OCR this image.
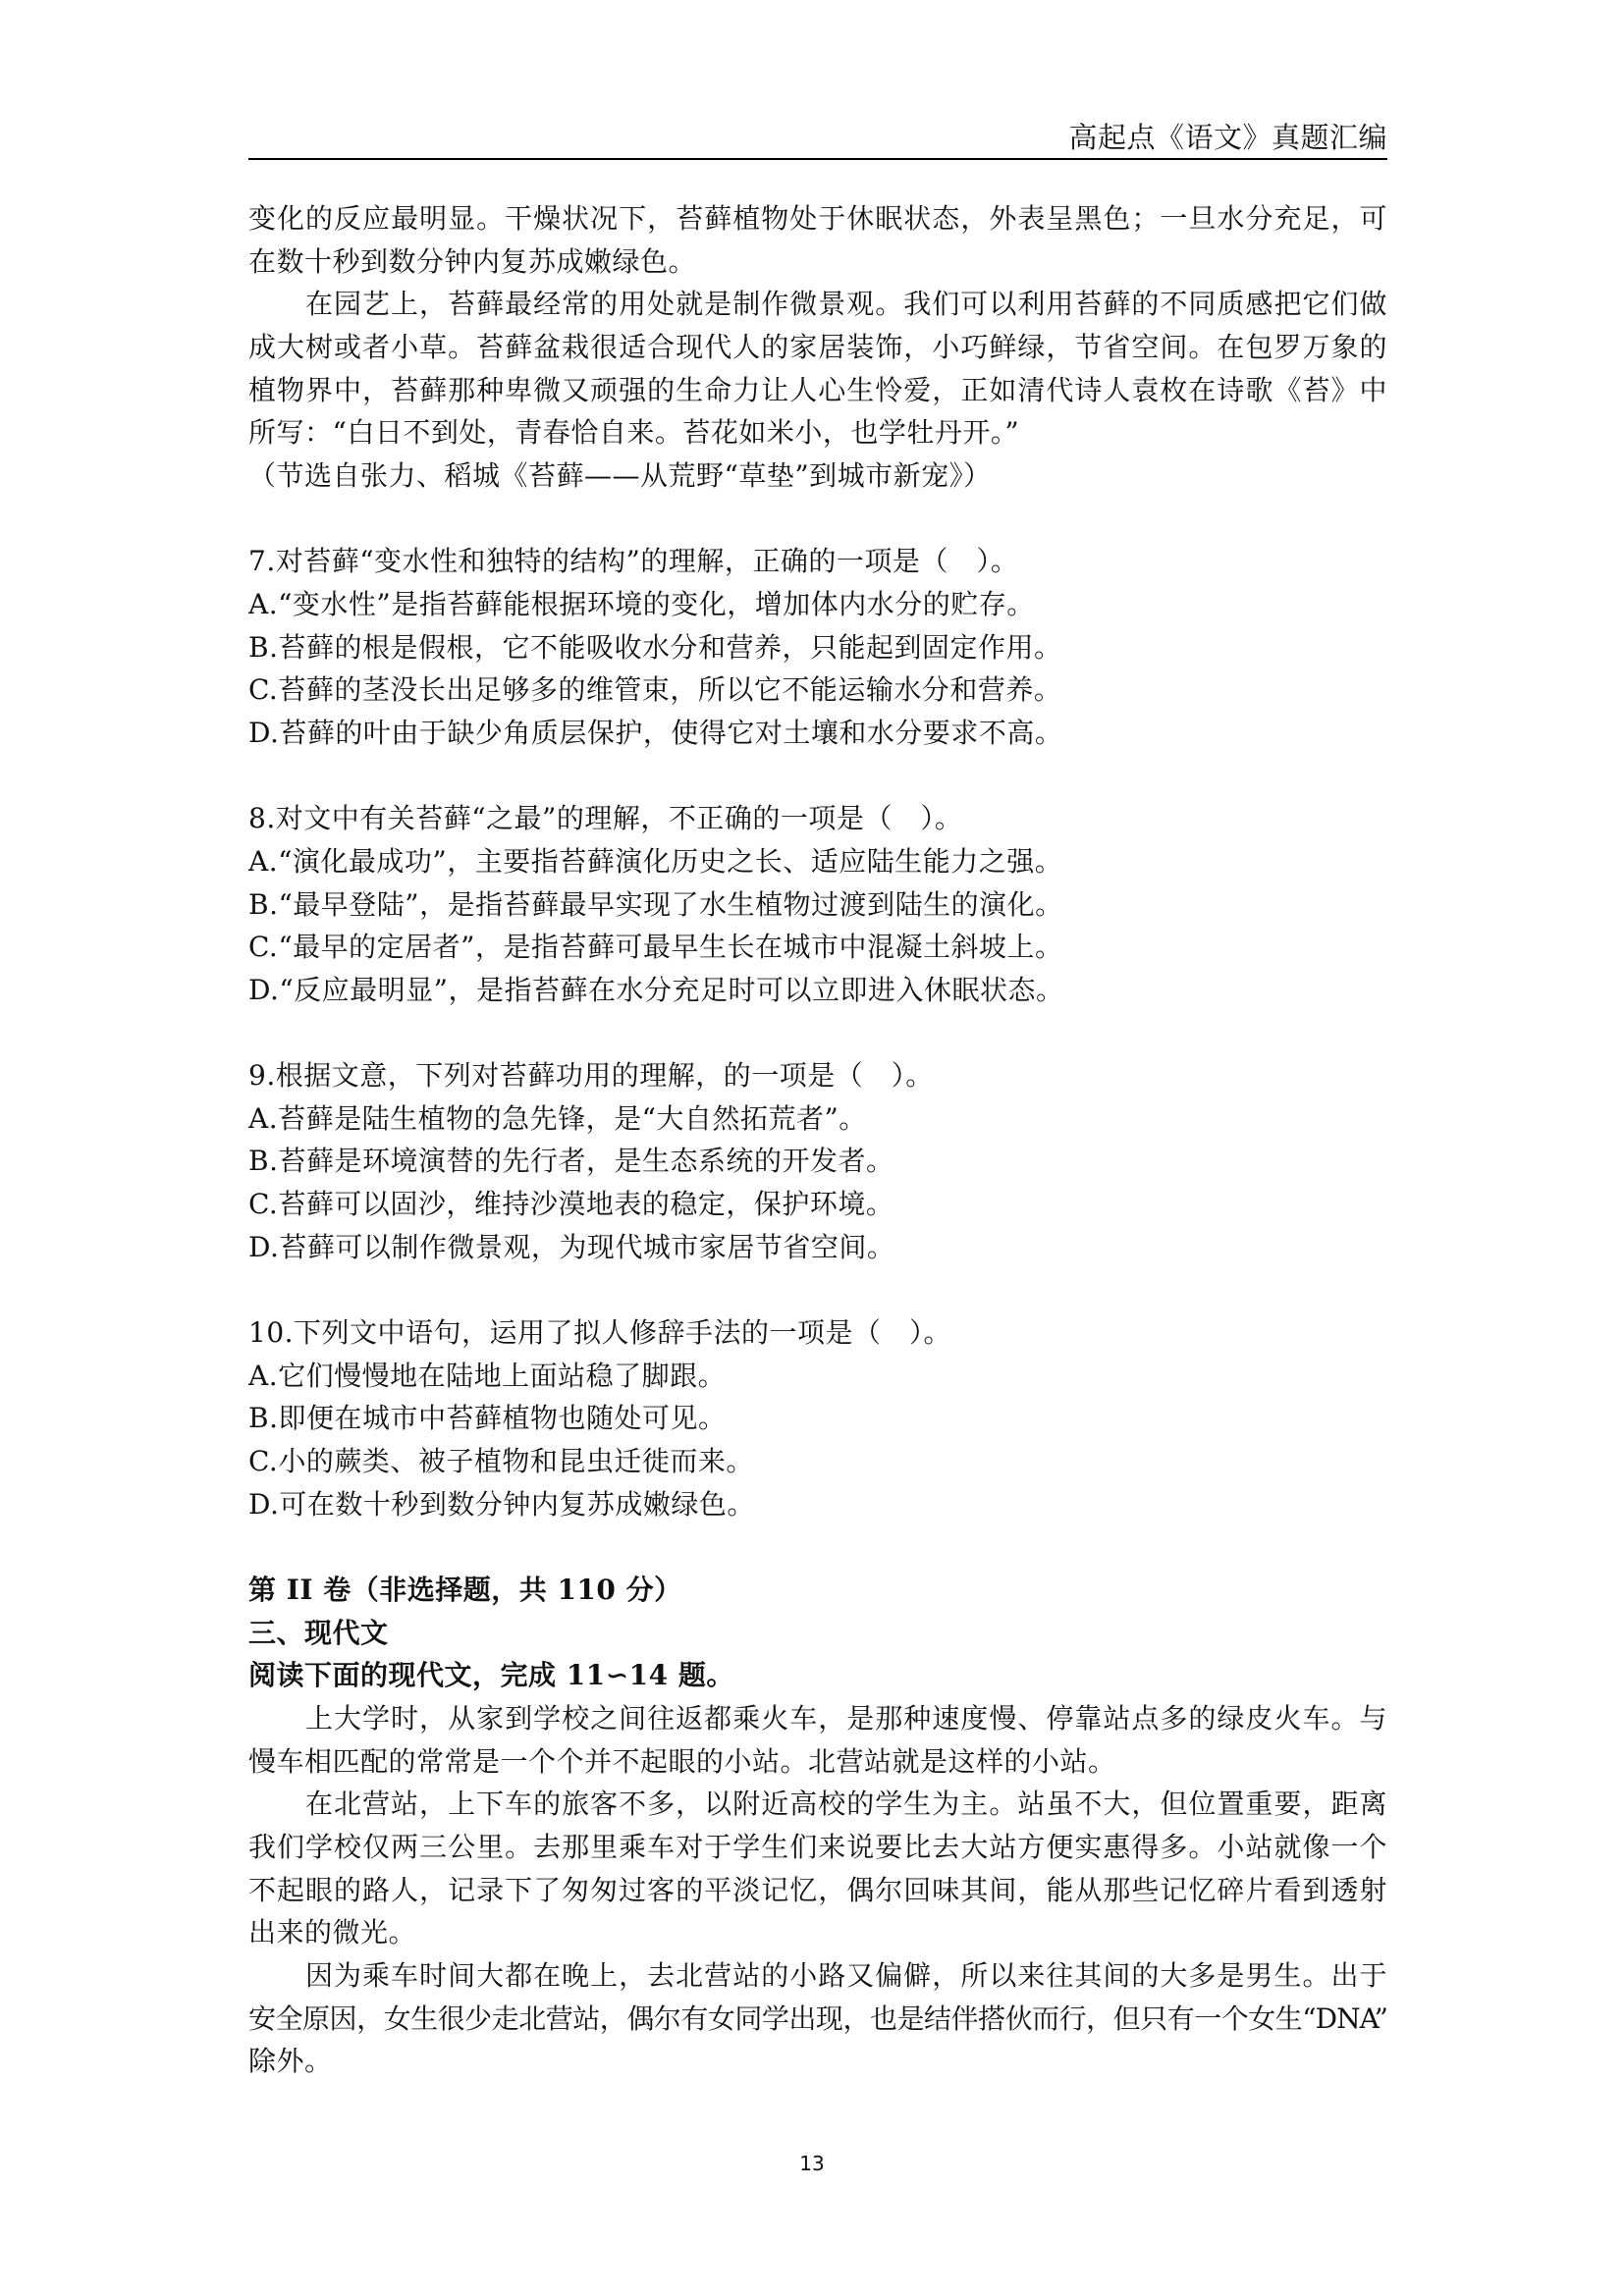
高起点《语文》真题汇编
变化的反应最明显。干燥状况下，苔藓植物处于休眠状态，外表呈黑色；一旦水分充足，可
在数十秒到数分钟内复苏成嫩绿色。
在园艺上，苔藓最经常的用处就是制作微景观。我们可以利用苔藓的不同质感把它们做
成大树或者小草。苔藓盆栽很适合现代人的家居装饰，小巧鲜绿，节省空间。在包罗万象的
植物界中，苔藓那种卑微又顽强的生命力让人心生怜爱，正如清代诗人袁枚在诗歌《苔》中
所写：“白日不到处，青春恰自来。苔花如米小，也学牡丹开。”
（节选自张力、稻城《苔藓——从荒野“草垫”到城市新宠》）
7.对苔藓“变水性和独特的结构”的理解，正确的一项是（　）。
A.“变水性”是指苔藓能根据环境的变化，增加体内水分的贮存。
B.苔藓的根是假根，它不能吸收水分和营养，只能起到固定作用。
C.苔藓的茎没长出足够多的维管束，所以它不能运输水分和营养。
D.苔藓的叶由于缺少角质层保护，使得它对土壤和水分要求不高。
8.对文中有关苔藓“之最”的理解，不正确的一项是（　）。
A.“演化最成功”，主要指苔藓演化历史之长、适应陆生能力之强。
B.“最早登陆”，是指苔藓最早实现了水生植物过渡到陆生的演化。
C.“最早的定居者”，是指苔藓可最早生长在城市中混凝土斜坡上。
D.“反应最明显”，是指苔藓在水分充足时可以立即进入休眠状态。
9.根据文意，下列对苔藓功用的理解，的一项是（　）。
A.苔藓是陆生植物的急先锋，是“大自然拓荒者”。
B.苔藓是环境演替的先行者，是生态系统的开发者。
C.苔藓可以固沙，维持沙漠地表的稳定，保护环境。
D.苔藓可以制作微景观，为现代城市家居节省空间。
10.下列文中语句，运用了拟人修辞手法的一项是（　）。
A.它们慢慢地在陆地上面站稳了脚跟。
B.即便在城市中苔藓植物也随处可见。
C.小的蕨类、被子植物和昆虫迁徙而来。
D.可在数十秒到数分钟内复苏成嫩绿色。
第 II 卷（非选择题，共 110 分）
三、现代文
阅读下面的现代文，完成 11∽14 题。
上大学时，从家到学校之间往返都乘火车，是那种速度慢、停靠站点多的绿皮火车。与
慢车相匹配的常常是一个个并不起眼的小站。北营站就是这样的小站。
在北营站，上下车的旅客不多，以附近高校的学生为主。站虽不大，但位置重要，距离
我们学校仅两三公里。去那里乘车对于学生们来说要比去大站方便实惠得多。小站就像一个
不起眼的路人，记录下了匆匆过客的平淡记忆，偶尔回味其间，能从那些记忆碎片看到透射
出来的微光。
因为乘车时间大都在晚上，去北营站的小路又偏僻，所以来往其间的大多是男生。出于
安全原因，女生很少走北营站，偶尔有女同学出现，也是结伴搭伙而行，但只有一个女生“DNA”
除外。
13
